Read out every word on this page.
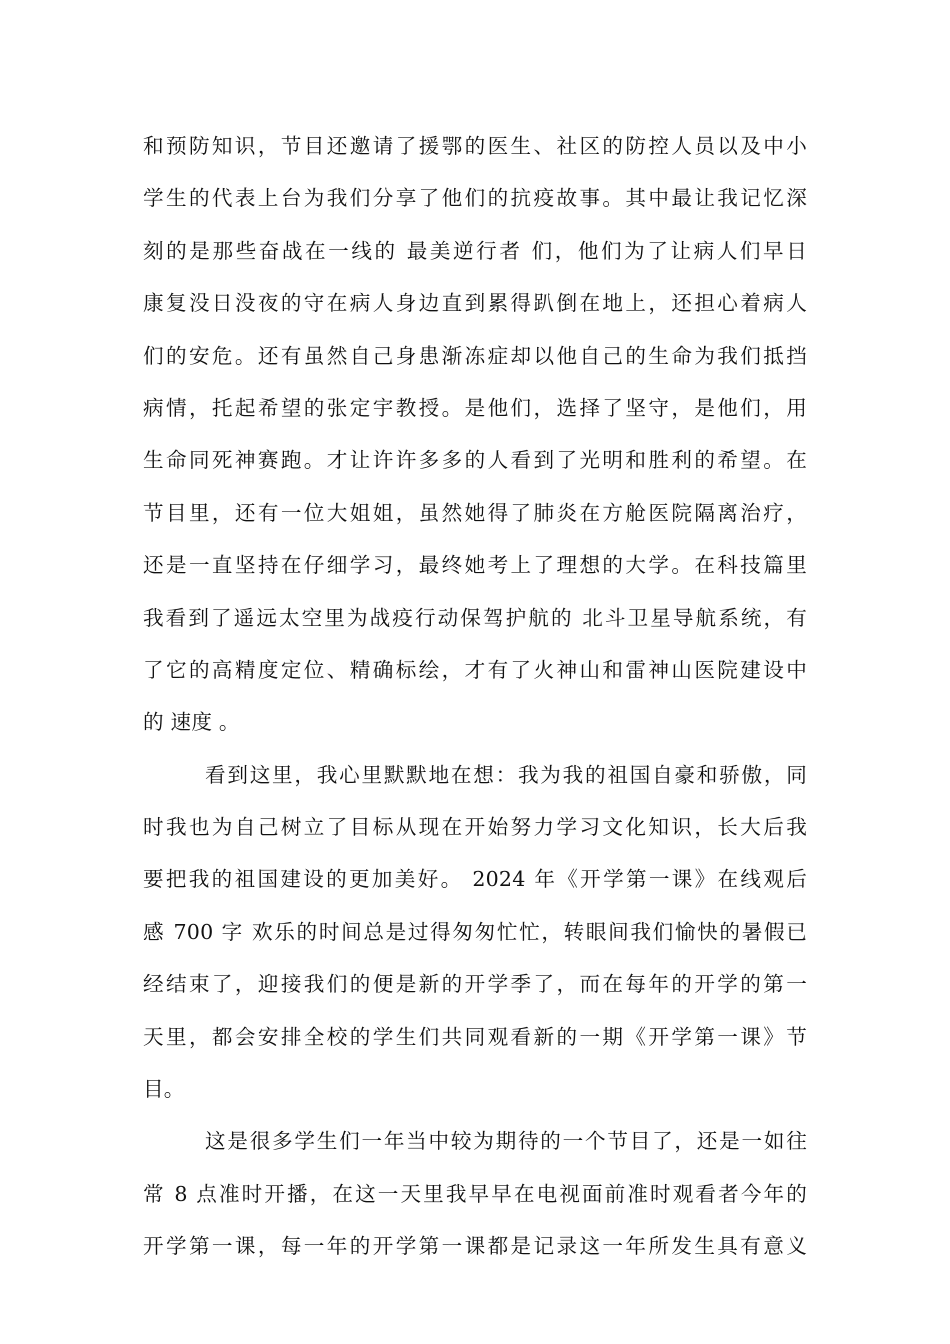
和预防知识，节目还邀请了援鄂的医生、社区的防控人员以及中小
学生的代表上台为我们分享了他们的抗疫故事。其中最让我记忆深
刻的是那些奋战在一线的 最美逆行者 们，他们为了让病人们早日
康复没日没夜的守在病人身边直到累得趴倒在地上，还担心着病人
们的安危。还有虽然自己身患渐冻症却以他自己的生命为我们抵挡
病情，托起希望的张定宇教授。是他们，选择了坚守，是他们，用
生命同死神赛跑。才让许许多多的人看到了光明和胜利的希望。在
节目里，还有一位大姐姐，虽然她得了肺炎在方舱医院隔离治疗，
还是一直坚持在仔细学习，最终她考上了理想的大学。在科技篇里
我看到了遥远太空里为战疫行动保驾护航的 北斗卫星导航系统，有
了它的高精度定位、精确标绘，才有了火神山和雷神山医院建设中
的 速度 。
看到这里，我心里默默地在想：我为我的祖国自豪和骄傲，同
时我也为自己树立了目标从现在开始努力学习文化知识，长大后我
要把我的祖国建设的更加美好。 2024 年《开学第一课》在线观后
感 700 字 欢乐的时间总是过得匆匆忙忙，转眼间我们愉快的暑假已
经结束了，迎接我们的便是新的开学季了，而在每年的开学的第一
天里，都会安排全校的学生们共同观看新的一期《开学第一课》节
目。
这是很多学生们一年当中较为期待的一个节目了，还是一如往
常 8 点准时开播，在这一天里我早早在电视面前准时观看者今年的
开学第一课，每一年的开学第一课都是记录这一年所发生具有意义
